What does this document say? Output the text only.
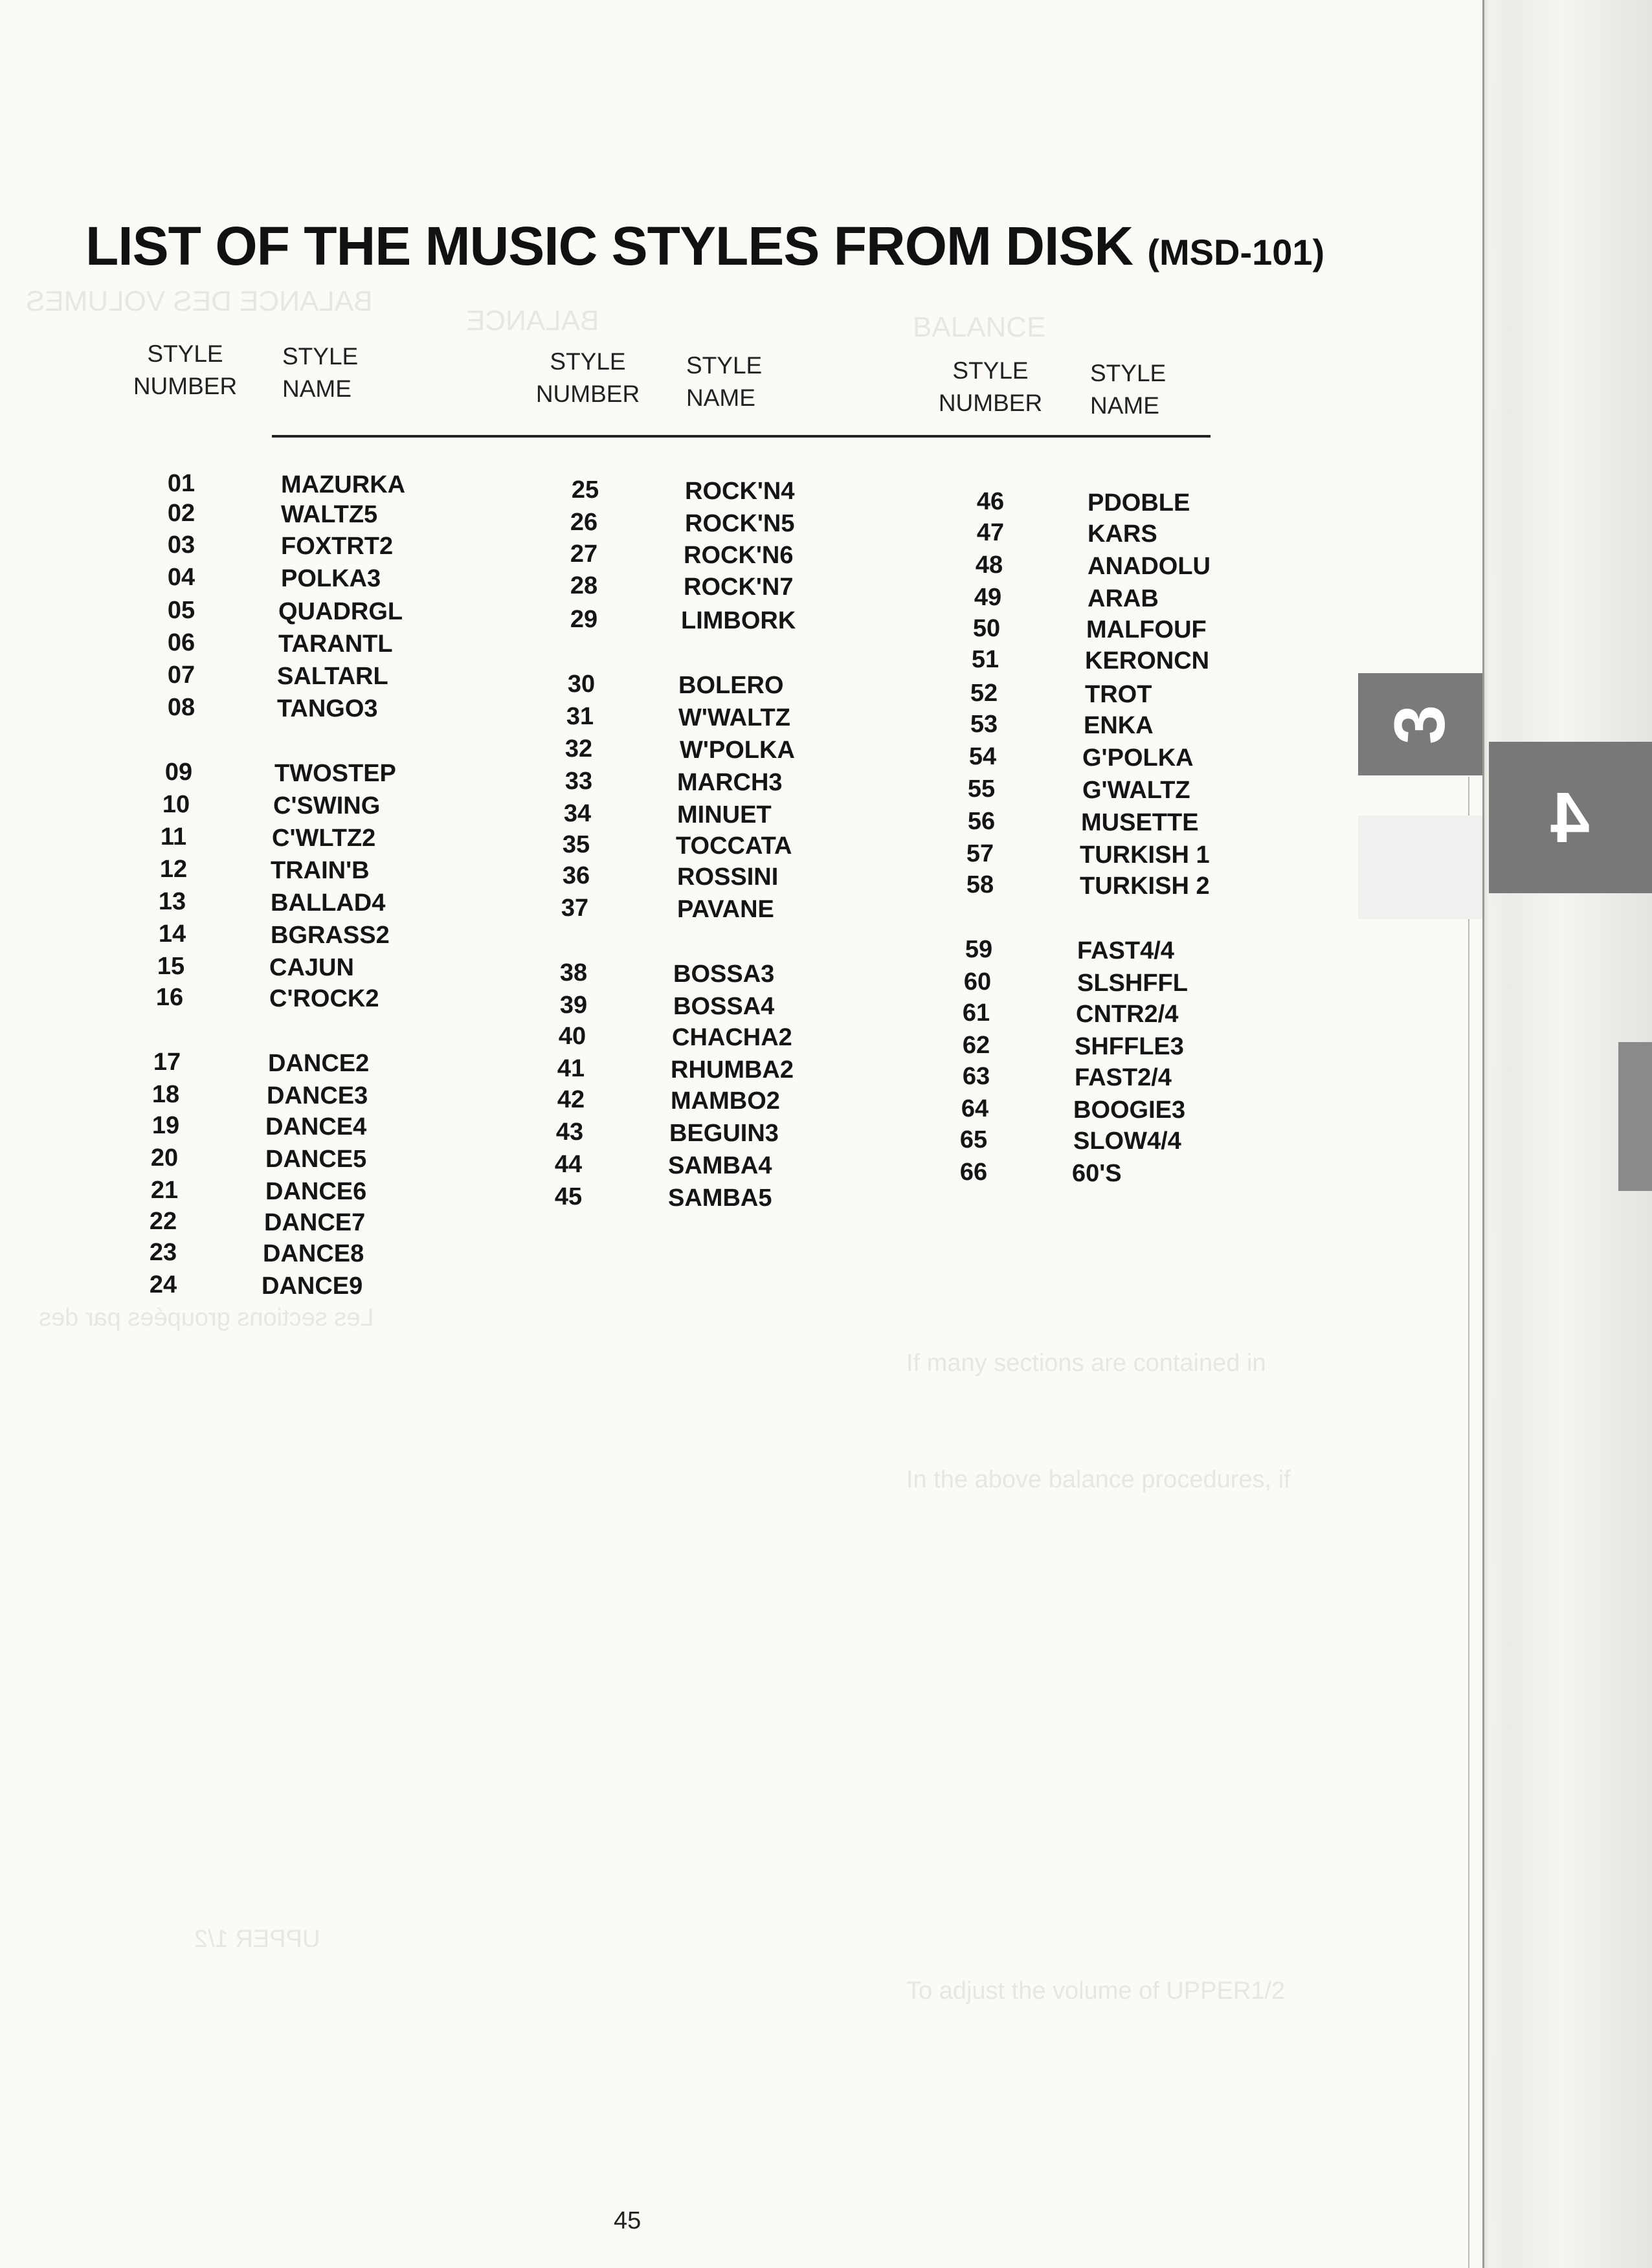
BALANCE DES VOLUMES
BALANCE	BALANCE
Les sections groupées par des
If many sections are contained in
In the above balance procedures, if
To adjust the volume of UPPER1/2
UPPER 1/2
3
4
LIST OF THE MUSIC STYLES FROM DISK (MSD-101)
STYLE
NUMBER
STYLE
NAME
STYLE
NUMBER
STYLE
NAME
STYLE
NUMBER
STYLE
NAME
01	MAZURKA
02	WALTZ5
03	FOXTRT2
04	POLKA3
05	QUADRGL
06	TARANTL
07	SALTARL
08	TANGO3
09	TWOSTEP
10	C'SWING
11	C'WLTZ2
12	TRAIN'B
13	BALLAD4
14	BGRASS2
15	CAJUN
16	C'ROCK2
17	DANCE2
18	DANCE3
19	DANCE4
20	DANCE5
21	DANCE6
22	DANCE7
23	DANCE8
24	DANCE9
25	ROCK'N4
26	ROCK'N5
27	ROCK'N6
28	ROCK'N7
29	LIMBORK
30	BOLERO
31	W'WALTZ
32	W'POLKA
33	MARCH3
34	MINUET
35	TOCCATA
36	ROSSINI
37	PAVANE
38	BOSSA3
39	BOSSA4
40	CHACHA2
41	RHUMBA2
42	MAMBO2
43	BEGUIN3
44	SAMBA4
45	SAMBA5
46	PDOBLE
47	KARS
48	ANADOLU
49	ARAB
50	MALFOUF
51	KERONCN
52	TROT
53	ENKA
54	G'POLKA
55	G'WALTZ
56	MUSETTE
57	TURKISH 1
58	TURKISH 2
59	FAST4/4
60	SLSHFFL
61	CNTR2/4
62	SHFFLE3
63	FAST2/4
64	BOOGIE3
65	SLOW4/4
66	60'S
45
